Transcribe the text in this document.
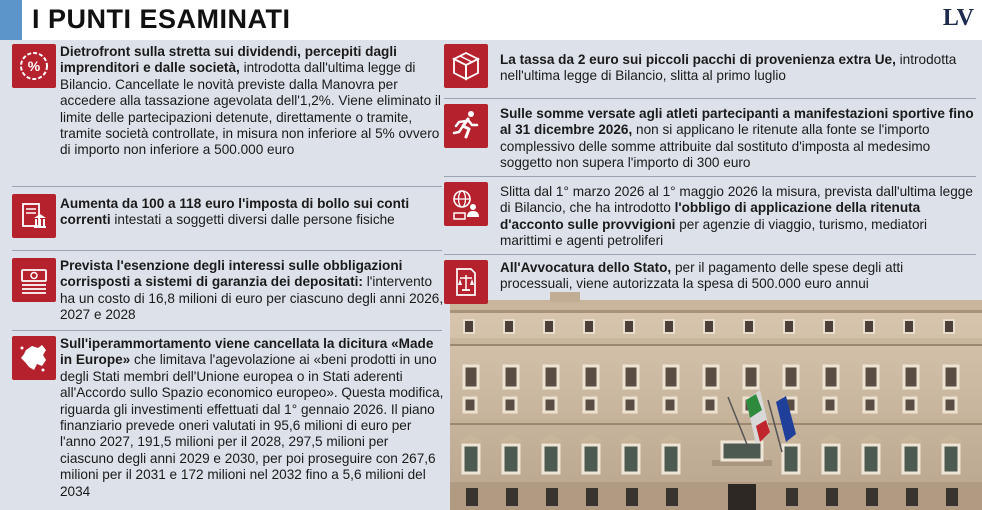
I PUNTI ESAMINATI	LV
%
Dietrofront sulla stretta sui dividendi, percepiti dagli imprenditori e dalle società, introdotta dall'ultima legge di Bilancio. Cancellate le novità previste dalla Manovra per accedere alla tassazione agevolata dell'1,2%. Viene eliminato il limite delle partecipazioni detenute, direttamente o tramite, tramite società controllate, in misura non inferiore al 5% ovvero di importo non inferiore a 500.000 euro
Aumenta da 100 a 118 euro l'imposta di bollo sui conti correnti intestati a soggetti diversi dalle persone fisiche
Prevista l'esenzione degli interessi sulle obbligazioni corrisposti a sistemi di garanzia dei depositati: l'intervento ha un costo di 16,8 milioni di euro per ciascuno degli anni 2026, 2027 e 2028
Sull'iperammortamento viene cancellata la dicitura «Made in Europe» che limitava l'agevolazione ai «beni prodotti in uno degli Stati membri dell'Unione europea o in Stati aderenti all'Accordo sullo Spazio economico europeo». Questa modifica, riguarda gli investimenti effettuati dal 1° gennaio 2026. Il piano finanziario prevede oneri valutati in 95,6 milioni di euro per l'anno 2027, 191,5 milioni per il 2028, 297,5 milioni per ciascuno degli anni 2029 e 2030, per poi proseguire con 267,6 milioni per il 2031 e 172 milioni nel 2032 fino a 5,6 milioni del 2034
La tassa da 2 euro sui piccoli pacchi di provenienza extra Ue, introdotta nell'ultima legge di Bilancio, slitta al primo luglio
Sulle somme versate agli atleti partecipanti a manifestazioni sportive fino al 31 dicembre 2026, non si applicano le ritenute alla fonte se l'importo complessivo delle somme attribuite dal sostituto d'imposta al medesimo soggetto non supera l'importo di 300 euro
Slitta dal 1° marzo 2026 al 1° maggio 2026 la misura, prevista dall'ultima legge di Bilancio, che ha introdotto l'obbligo di applicazione della ritenuta d'acconto sulle provvigioni per agenzie di viaggio, turismo, mediatori marittimi e agenti petroliferi
All'Avvocatura dello Stato, per il pagamento delle spese degli atti processuali, viene autorizzata la spesa di 500.000 euro annui
